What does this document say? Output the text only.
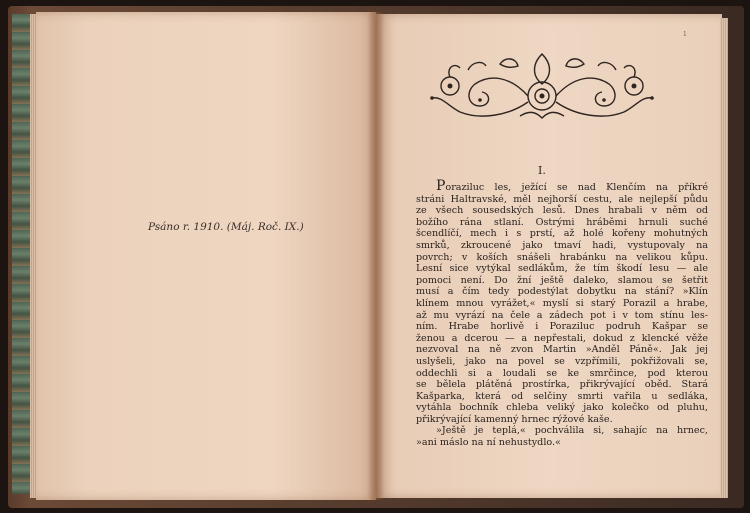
Psáno r. 1910. (Máj. Roč. IX.)
1
I.
Poraziluc les, ježící se nad Klenčím na příkré
stráni Haltravské, měl nejhorší cestu, ale nejlepší půdu
ze všech sousedských lesů. Dnes hrabali v něm od
božího rána stlaní. Ostrými hráběmi hrnuli suché
šcendlíčí, mech i s prstí, až holé kořeny mohutných
smrků, zkroucené jako tmaví hadi, vystupovaly na
povrch; v koších snášeli hrabánku na velikou kůpu.
Lesní sice vytýkal sedlákům, že tím škodí lesu — ale
pomoci není. Do žní ještě daleko, slamou se šetřit
musí a čím tedy podestýlat dobytku na stání? »Klín
klínem mnou vyrážet,« myslí si starý Porazil a hrabe,
až mu vyrází na čele a zádech pot i v tom stínu les-
ním. Hrabe horlivě i Poraziluc podruh Kašpar se
ženou a dcerou — a nepřestali, dokud z klencké věže
nezvoval na ně zvon Martin »Anděl Páně«. Jak jej
uslyšeli, jako na povel se vzpřímili, pokřižovali se,
oddechli si a loudali se ke smrčince, pod kterou
se bělela plátěná prostírka, přikrývající oběd. Stará
Kašparka, která od selčiny smrti vařila u sedláka,
vytáhla bochník chleba veliký jako kolečko od pluhu,
přikrývající kamenný hrnec rýžové kaše.
»Ještě je teplá,« pochválila si, sahajíc na hrnec,
»ani máslo na ní nehustydlo.«
